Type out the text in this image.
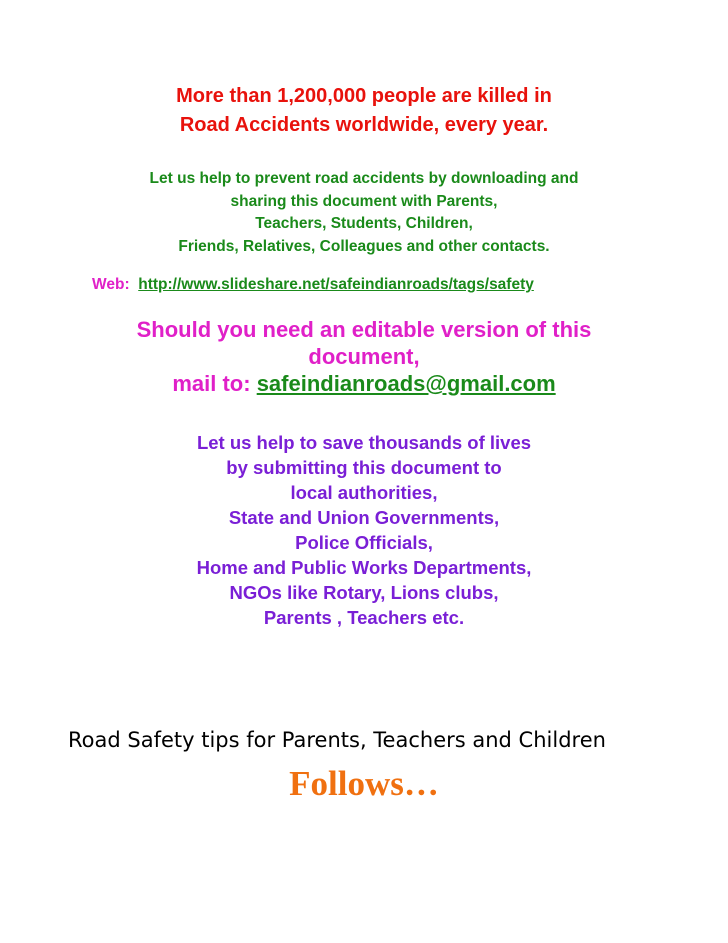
More than 1,200,000 people are killed in
Road Accidents worldwide, every year.
Let us help to prevent road accidents by downloading and
sharing this document with Parents,
Teachers, Students, Children,
Friends, Relatives, Colleagues and other contacts.
Web: http://www.slideshare.net/safeindianroads/tags/safety
Should you need an editable version of this
document,
mail to: safeindianroads@gmail.com
Let us help to save thousands of lives
by submitting this document to
local authorities,
State and Union Governments,
Police Officials,
Home and Public Works Departments,
NGOs like Rotary, Lions clubs,
Parents , Teachers etc.
Road Safety tips for Parents, Teachers and Children
Follows…
